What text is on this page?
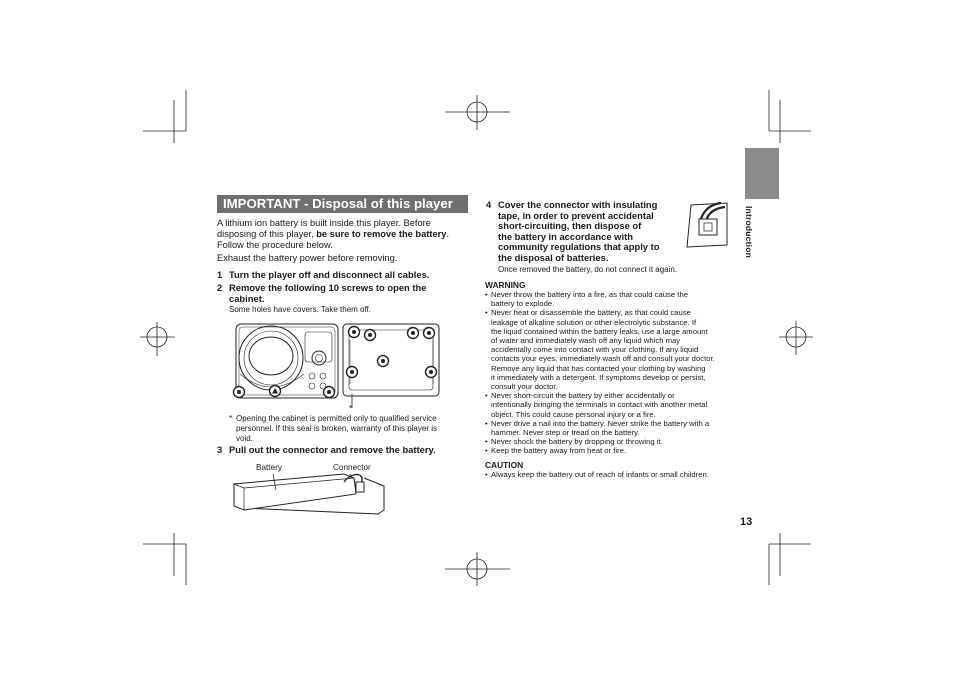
Introduction
IMPORTANT - Disposal of this player
A lithium ion battery is built inside this player. Before
disposing of this player, be sure to remove the battery.
Follow the procedure below.
Exhaust the battery power before removing.
1 Turn the player off and disconnect all cables.
2 Remove the following 10 screws to open the
cabinet.
Some holes have covers. Take them off.
*
* Opening the cabinet is permitted only to qualified service
personnel. If this seal is broken, warranty of this player is
void.
3 Pull out the connector and remove the battery.
Battery	Connector
4 Cover the connector with insulating
tape, in order to prevent accidental
short-circuiting, then dispose of
the battery in accordance with
community regulations that apply to
the disposal of batteries.
Once removed the battery, do not connect it again.
WARNING
• Never throw the battery into a fire, as that could cause the
battery to explode.
• Never heat or disassemble the battery, as that could cause
leakage of alkaline solution or other electrolytic substance. If
the liquid contained within the battery leaks, use a large amount
of water and immediately wash off any liquid which may
accidentally come into contact with your clothing. If any liquid
contacts your eyes, immediately wash off and consult your doctor.
Remove any liquid that has contacted your clothing by washing
it immediately with a detergent. If symptoms develop or persist,
consult your doctor.
• Never short-circuit the battery by either accidentally or
intentionally bringing the terminals in contact with another metal
object. This could cause personal injury or a fire.
• Never drive a nail into the battery. Never strike the battery with a
hammer. Never step or tread on the battery.
• Never shock the battery by dropping or throwing it.
• Keep the battery away from heat or fire.
CAUTION
• Always keep the battery out of reach of infants or small children.
13
